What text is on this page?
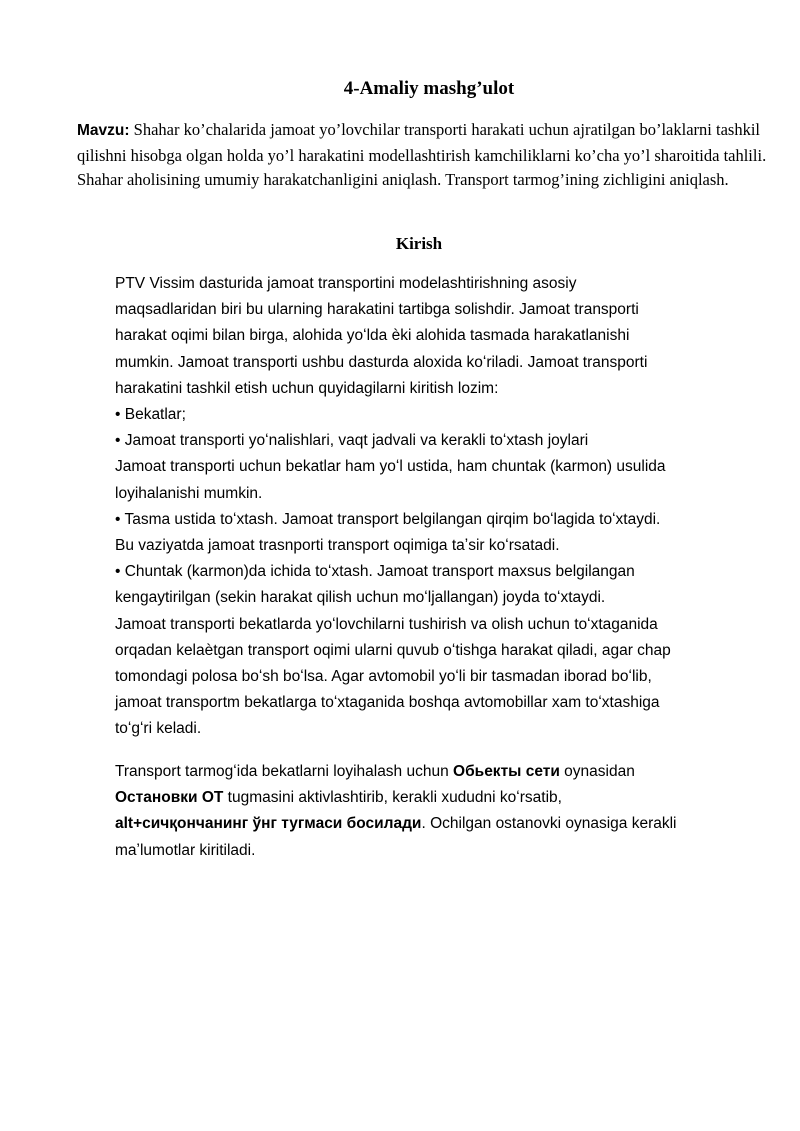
4-Amaliy mashg’ulot

Mavzu: Shahar ko’chalarida jamoat yo’lovchilar transporti harakati uchun ajratilgan bo’laklarni tashkil qilishni hisobga olgan holda yo’l harakatini modellashtirish kamchiliklarni ko’cha yo’l sharoitida tahlili. Shahar aholisining umumiy harakatchanligini aniqlash. Transport tarmog’ining zichligini aniqlash.

Kirish
PTV Vissim dasturida jamoat transportini modelashtirishning asosiy
maqsadlaridan biri bu ularning harakatini tartibga solishdir. Jamoat transporti
harakat oqimi bilan birga, alohida yoʻlda èki alohida tasmada harakatlanishi
mumkin. Jamoat transporti ushbu dasturda aloxida koʻriladi. Jamoat transporti
harakatini tashkil etish uchun quyidagilarni kiritish lozim:
• Bekatlar;
• Jamoat transporti yoʻnalishlari, vaqt jadvali va kerakli toʻxtash joylari
Jamoat transporti uchun bekatlar ham yoʻl ustida, ham chuntak (karmon) usulida
loyihalanishi mumkin.
• Tasma ustida toʻxtash. Jamoat transport belgilangan qirqim boʻlagida toʻxtaydi.
Bu vaziyatda jamoat trasnporti transport oqimiga taʼsir koʻrsatadi.
• Chuntak (karmon)da ichida toʻxtash. Jamoat transport maxsus belgilangan
kengaytirilgan (sekin harakat qilish uchun moʻljallangan) joyda toʻxtaydi.
Jamoat transporti bekatlarda yoʻlovchilarni tushirish va olish uchun toʻxtaganida
orqadan kelaètgan transport oqimi ularni quvub oʻtishga harakat qiladi, agar chap
tomondagi polosa boʻsh boʻlsa. Agar avtomobil yoʻli bir tasmadan iborad boʻlib,
jamoat transportm bekatlarga toʻxtaganida boshqa avtomobillar xam toʻxtashiga
toʻgʻri keladi.
Transport tarmogʻida bekatlarni loyihalash uchun Обьекты сети oynasidan
Остановки ОТ tugmasini aktivlashtirib, kerakli xududni koʻrsatib,
alt+сичқончанинг ўнг тугмаси босилади. Ochilgan ostanovki oynasiga kerakli
maʼlumotlar kiritiladi.
